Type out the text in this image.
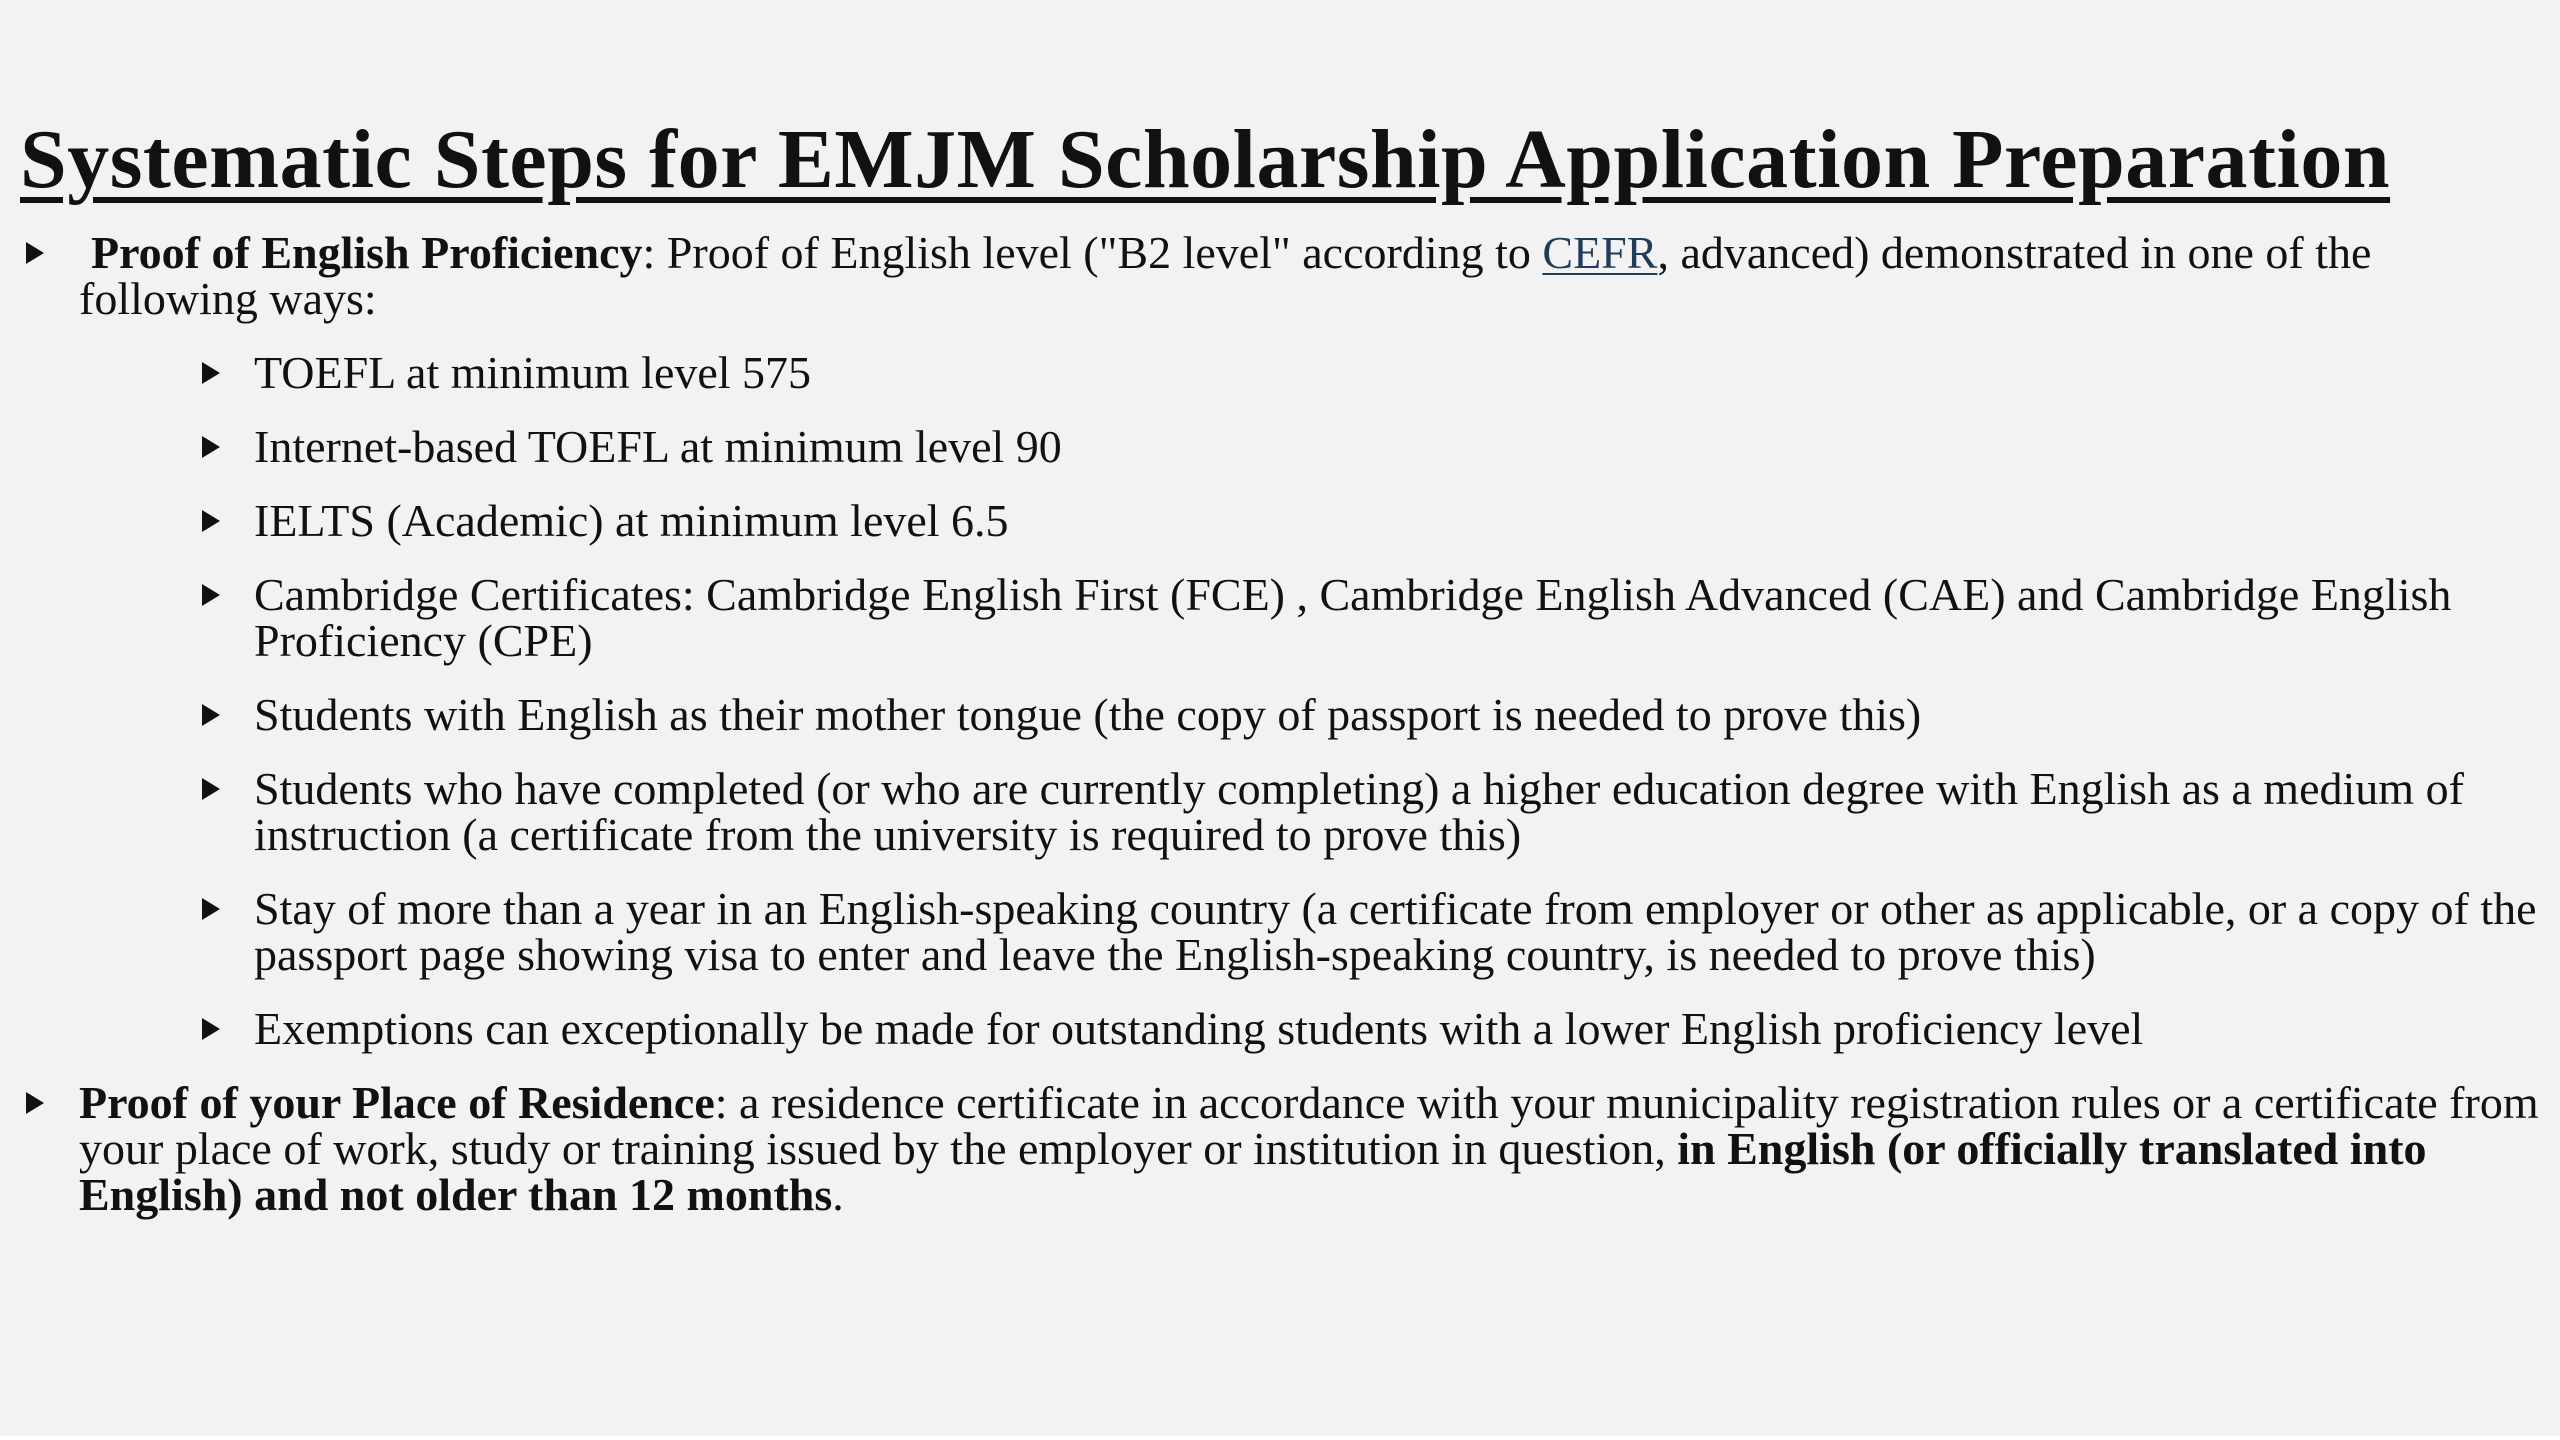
Systematic Steps for EMJM Scholarship Application Preparation
Proof of English Proficiency: Proof of English level ("B2 level" according to CEFR, advanced) demonstrated in one of the following ways:
TOEFL at minimum level 575
Internet-based TOEFL at minimum level 90
IELTS (Academic) at minimum level 6.5
Cambridge Certificates: Cambridge English First (FCE) , Cambridge English Advanced (CAE) and Cambridge English Proficiency (CPE)
Students with English as their mother tongue (the copy of passport is needed to prove this)
Students who have completed (or who are currently completing) a higher education degree with English as a medium of instruction (a certificate from the university is required to prove this)
Stay of more than a year in an English-speaking country (a certificate from employer or other as applicable, or a copy of the passport page showing visa to enter and leave the English-speaking country, is needed to prove this)
Exemptions can exceptionally be made for outstanding students with a lower English proficiency level
Proof of your Place of Residence: a residence certificate in accordance with your municipality registration rules or a certificate from your place of work, study or training issued by the employer or institution in question, in English (or officially translated into English) and not older than 12 months.
